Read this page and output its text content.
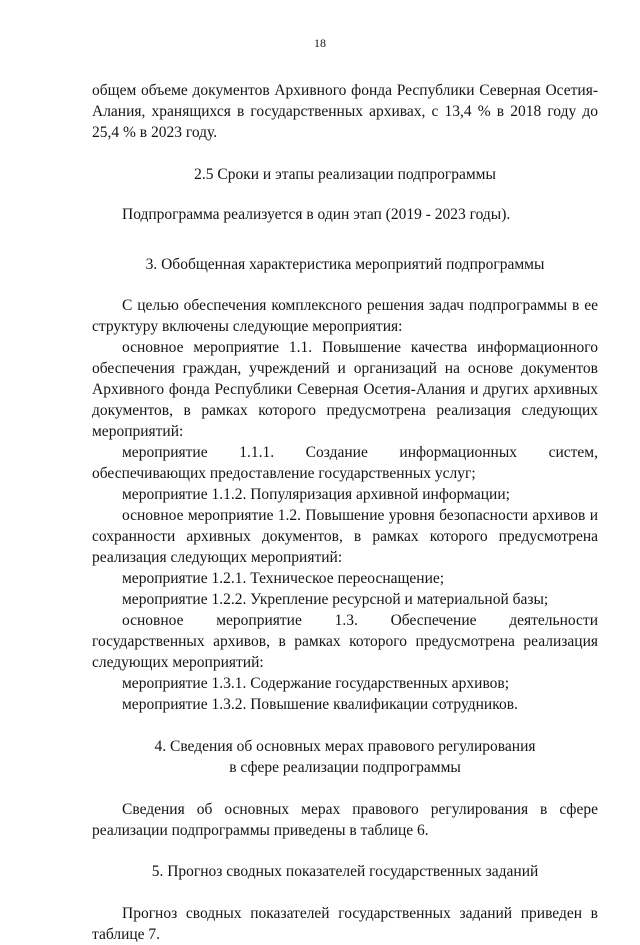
18

общем объеме документов Архивного фонда Республики Северная Осетия-Алания, хранящихся в государственных архивах, с 13,4 % в 2018 году до 25,4 % в 2023 году.

2.5 Сроки и этапы реализации подпрограммы

Подпрограмма реализуется в один этап (2019 - 2023 годы).

3. Обобщенная характеристика мероприятий подпрограммы

С целью обеспечения комплексного решения задач подпрограммы в ее структуру включены следующие мероприятия:

основное мероприятие 1.1. Повышение качества информационного обеспечения граждан, учреждений и организаций на основе документов Архивного фонда Республики Северная Осетия-Алания и других архивных документов, в рамках которого предусмотрена реализация следующих мероприятий:

мероприятие 1.1.1. Создание информационных систем, обеспечивающих предоставление государственных услуг;

мероприятие 1.1.2. Популяризация архивной информации;

основное мероприятие 1.2. Повышение уровня безопасности архивов и сохранности архивных документов, в рамках которого предусмотрена реализация следующих мероприятий:

мероприятие 1.2.1. Техническое переоснащение;

мероприятие 1.2.2. Укрепление ресурсной и материальной базы;

основное мероприятие 1.3. Обеспечение деятельности государственных архивов, в рамках которого предусмотрена реализация следующих мероприятий:

мероприятие 1.3.1. Содержание государственных архивов;

мероприятие 1.3.2. Повышение квалификации сотрудников.

4. Сведения об основных мерах правового регулирования
в сфере реализации подпрограммы

Сведения об основных мерах правового регулирования в сфере реализации подпрограммы приведены в таблице 6.

5. Прогноз сводных показателей государственных заданий

Прогноз сводных показателей государственных заданий приведен в таблице 7.
